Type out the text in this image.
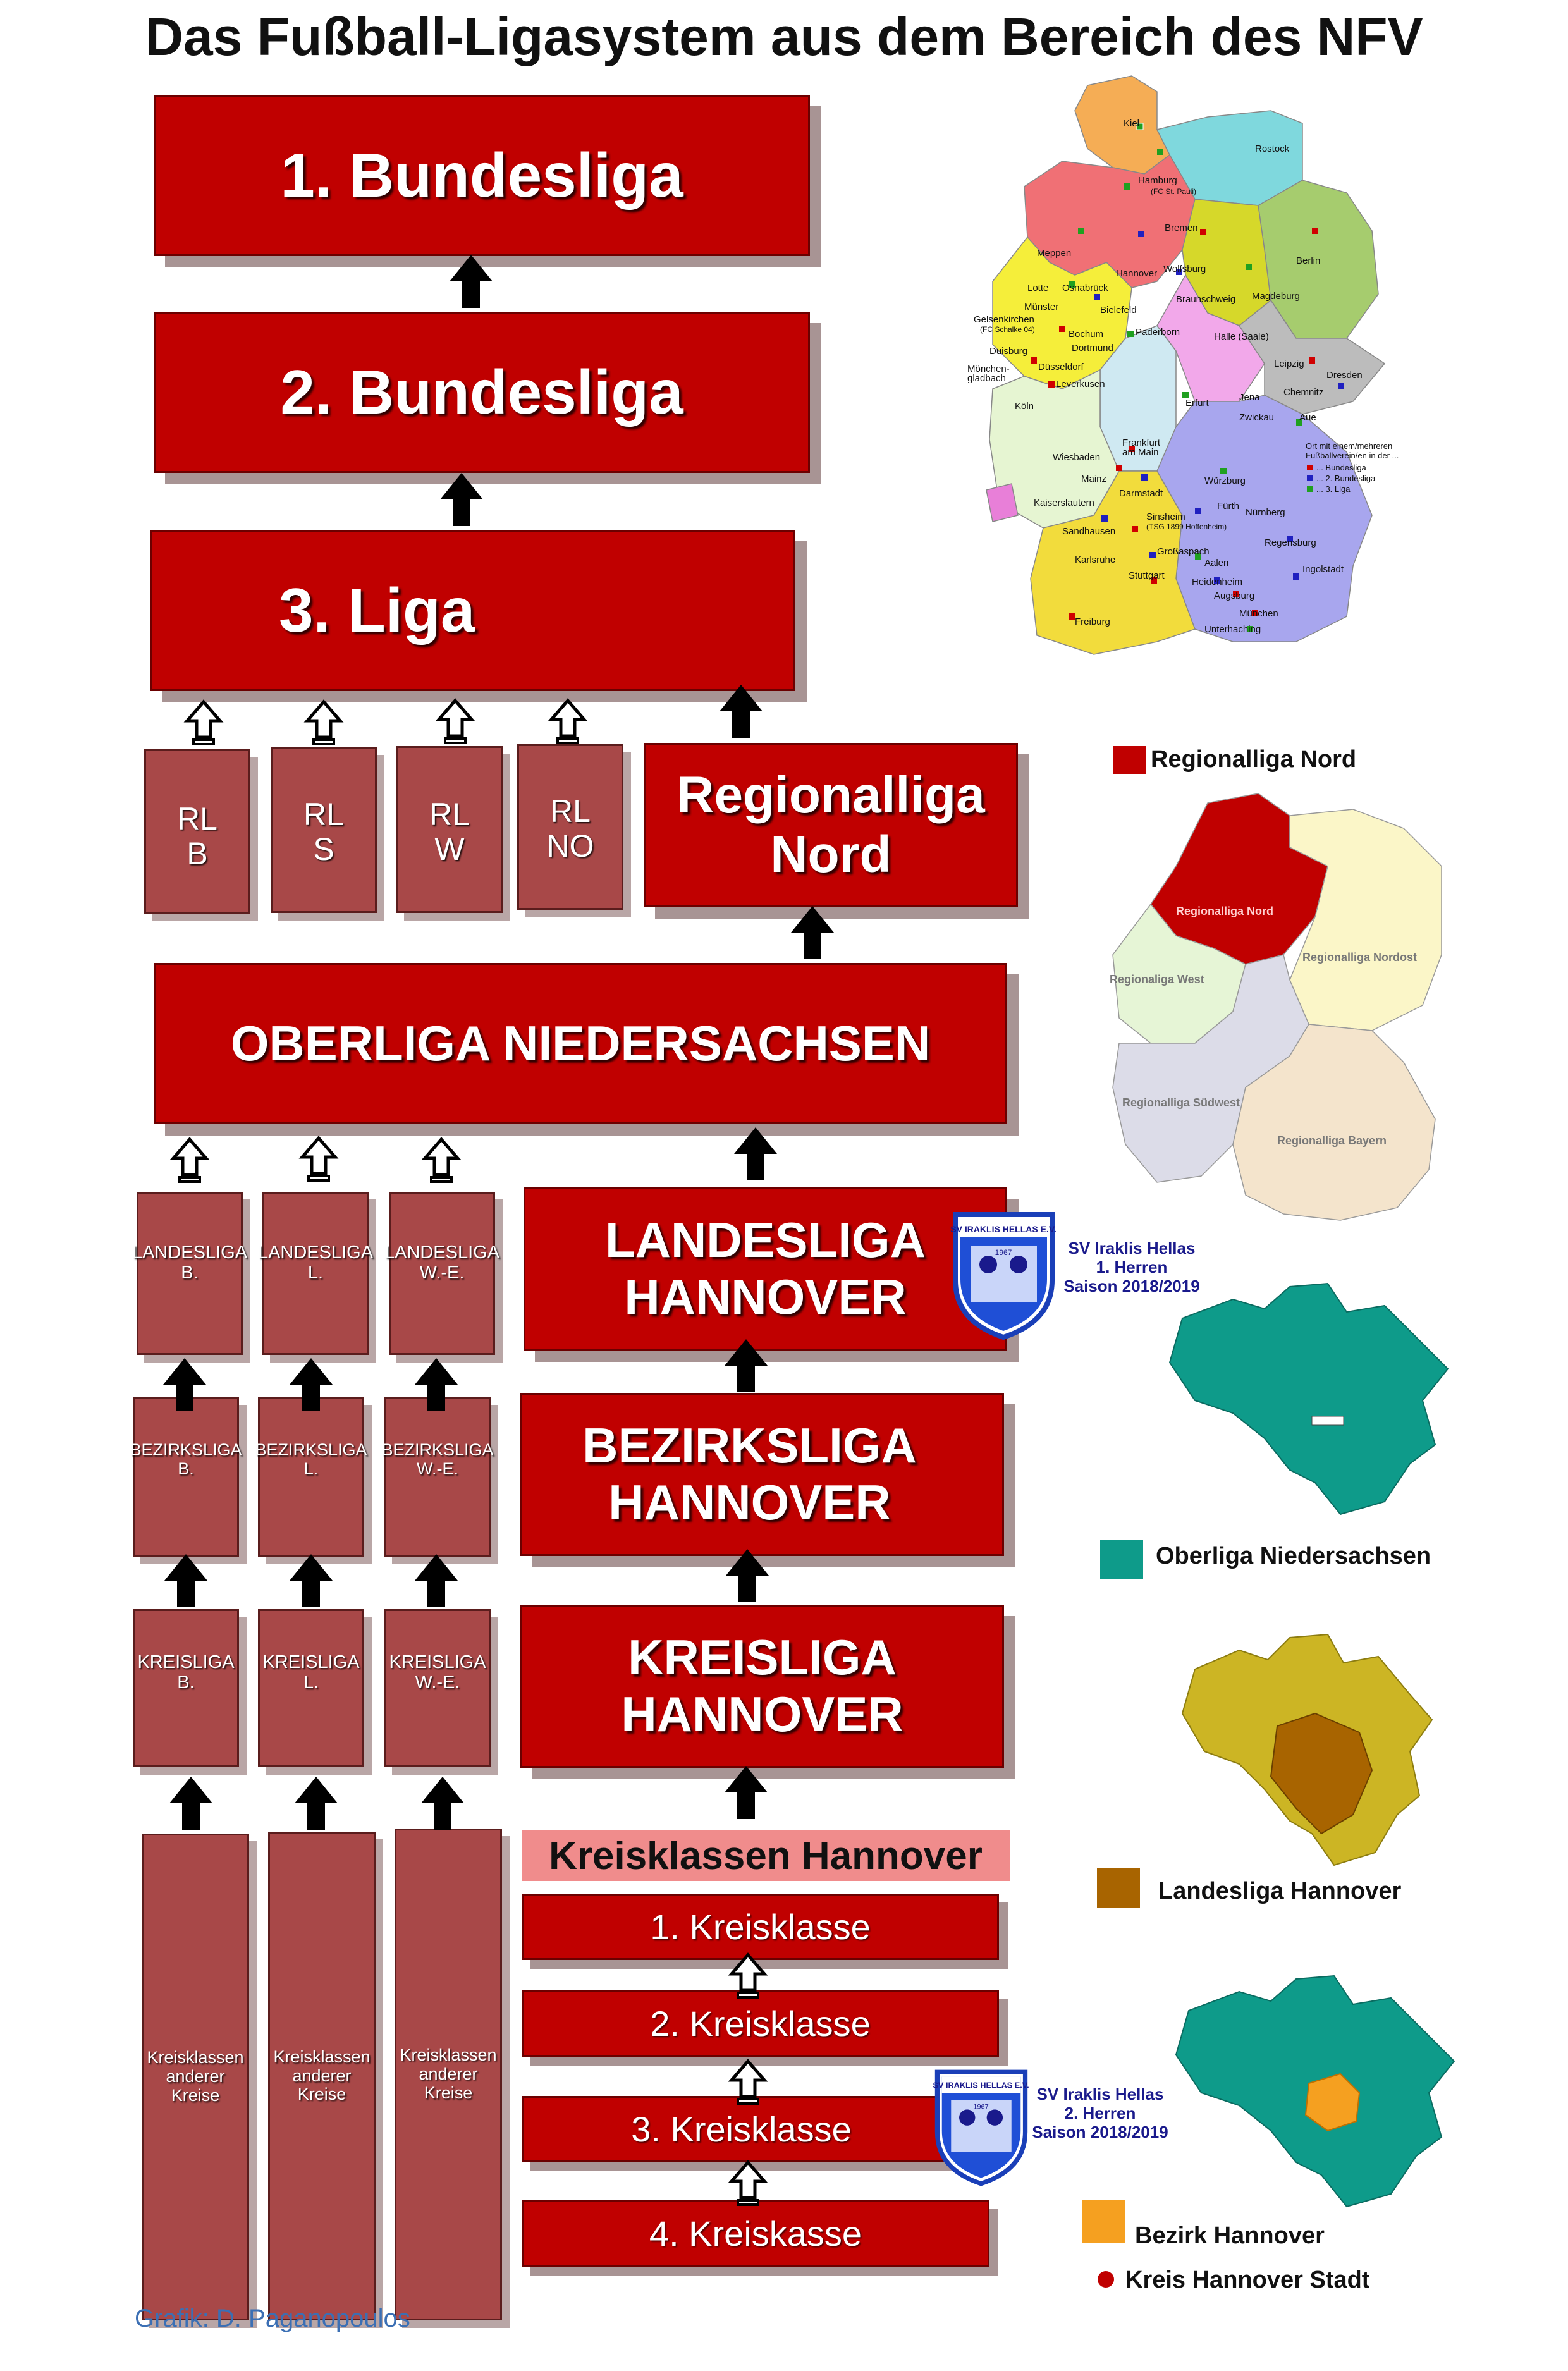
Das Fußball-Ligasystem aus dem Bereich des NFV
1. Bundesliga
2. Bundesliga
3. Liga
RL
B
RL
S
RL
W
RL
NO
Regionalliga
Nord
OBERLIGA NIEDERSACHSEN
LANDESLIGA
B.
LANDESLIGA
L.
LANDESLIGA
W.-E.
LANDESLIGA
HANNOVER
BEZIRKSLIGA
B.
BEZIRKSLIGA
L.
BEZIRKSLIGA
W.-E.	BEZIRKSLIGA
HANNOVER
KREISLIGA
B.
KREISLIGA
L.
KREISLIGA
W.-E.	KREISLIGA
HANNOVER
Kreisklassen
anderer
Kreise
Kreisklassen
anderer
Kreise
Kreisklassen
anderer
Kreise
Kreisklassen Hannover
1. Kreisklasse
2. Kreisklasse
3. Kreisklasse
4. Kreiskasse
SV IRAKLIS HELLAS E.V.
1967
SV IRAKLIS HELLAS E.V.
1967
SV Iraklis Hellas
1. Herren
Saison 2018/2019
SV Iraklis Hellas
2. Herren
Saison 2018/2019
Kiel
Rostock
Hamburg
(FC St. Pauli)
Bremen
Meppen
Hannover Wolfsburg
Berlin
Lotte Osnabrück
Braunschweig Magdeburg
Münster	Bielefeld
Gelsenkirchen
(FC Schalke 04)	Bochum	Paderborn	Halle (Saale)
Duisburg	Dortmund
Leipzig
Mönchen-
gladbach
Düsseldorf
Dresden
Leverkusen
Chemnitz
Köln	Erfurt
Jena
Zwickau	Aue
Frankfurt
am Main
Wiesbaden
Mainz
Darmstadt
Würzburg
Kaiserslautern	Fürth
Nürnberg
Sinsheim
(TSG 1899 Hoffenheim)
Sandhausen
Regensburg
Großaspach
Karlsruhe	Aalen
Ingolstadt
Stuttgart
Heidenheim
Augsburg
Freiburg
München
Unterhaching
Ort mit einem/mehreren
Fußballverein/en in der ...
... Bundesliga
... 2. Bundesliga
... 3. Liga
Regionalliga Nord
Regionalliga Nord
Regionalliga Nordost
Regionaliga West
Regionalliga Südwest
Regionalliga Bayern
Oberliga Niedersachsen
Landesliga Hannover
Bezirk Hannover
Kreis Hannover Stadt
Grafik: D. Paganopoulos
